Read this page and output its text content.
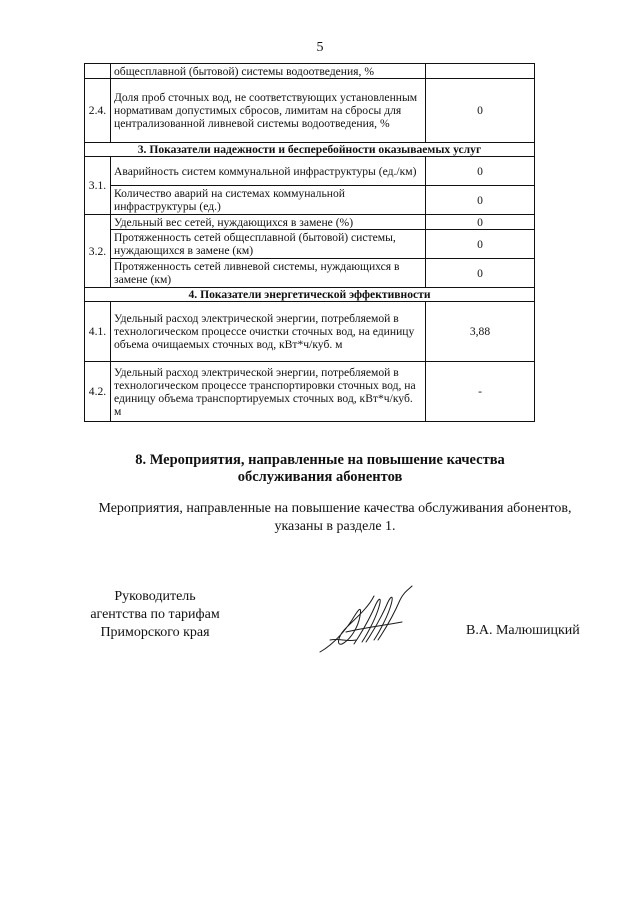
5
	общесплавной (бытовой) системы водоотведения, %	
2.4.	Доля проб сточных вод, не соответствующих установленным нормативам допустимых сбросов, лимитам на сбросы для централизованной ливневой системы водоотведения, %	0
3. Показатели надежности и бесперебойности оказываемых услуг		
3.1.	Аварийность систем коммунальной инфраструктуры (ед./км)	0
	Количество аварий на системах коммунальной инфраструктуры (ед.)	0
3.2.	Удельный вес сетей, нуждающихся в замене (%)	0
	Протяженность сетей общесплавной (бытовой) системы, нуждающихся в замене (км)	0
	Протяженность сетей ливневой системы, нуждающихся в замене (км)	0
4. Показатели энергетической эффективности		
4.1.	Удельный расход электрической энергии, потребляемой в технологическом процессе очистки сточных вод, на единицу объема очищаемых сточных вод, кВт*ч/куб. м	3,88
4.2.	Удельный расход электрической энергии, потребляемой в технологическом процессе транспортировки сточных вод, на единицу объема транспортируемых сточных вод, кВт*ч/куб. м	-
8. Мероприятия, направленные на повышение качества
обслуживания абонентов
Мероприятия, направленные на повышение качества обслуживания абонентов,
указаны в разделе 1.
Руководитель
агентства по тарифам
Приморского края	В.А. Малюшицкий
